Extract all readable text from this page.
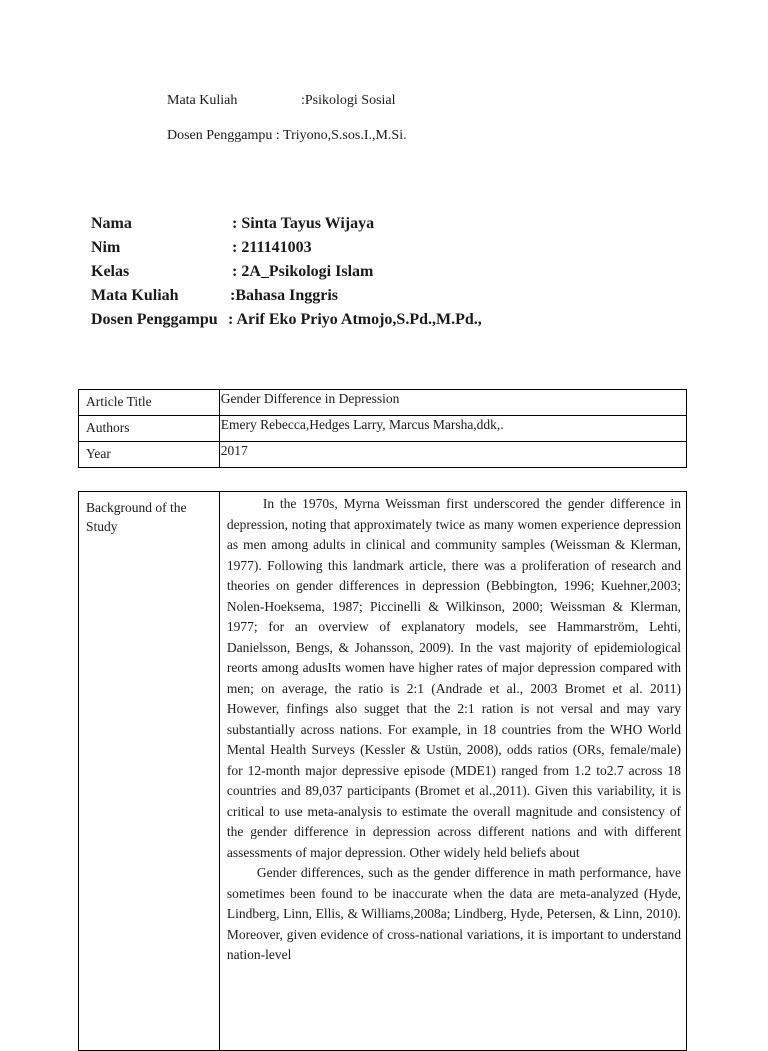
Mata Kuliah	:Psikologi Sosial
Dosen Penggampu : Triyono,S.sos.I.,M.Si.
Nama	: Sinta Tayus Wijaya
Nim	: 211141003
Kelas	: 2A_Psikologi Islam
Mata Kuliah	:Bahasa Inggris
Dosen Penggampu : Arif Eko Priyo Atmojo,S.Pd.,M.Pd.,
Article Title	Gender Difference in Depression
Authors	Emery Rebecca,Hedges Larry, Marcus Marsha,ddk,.
Year	2017
Background of the Study	

In the 1970s, Myrna Weissman first underscored the gender difference in depression, noting that approximately twice as many women experience depression as men among adults in clinical and community samples (Weissman & Klerman, 1977). Following this landmark article, there was a proliferation of research and theories on gender differences in depression (Bebbington, 1996; Kuehner,2003; Nolen-Hoeksema, 1987; Piccinelli & Wilkinson, 2000; Weissman & Klerman, 1977; for an overview of explanatory models, see Hammarström, Lehti, Danielsson, Bengs, & Johansson, 2009). In the vast majority of epidemiological reorts among adusIts women have higher rates of major depression compared with men; on average, the ratio is 2:1 (Andrade et al., 2003 Bromet et al. 2011) However, finfings also sugget that the 2:1 ration is not versal and may vary substantially across nations. For example, in 18 countries from the WHO World Mental Health Surveys (Kessler & Ustün, 2008), odds ratios (ORs, female/male) for 12-month major depressive episode (MDE1) ranged from 1.2 to2.7 across 18 countries and 89,037 participants (Bromet et al.,2011). Given this variability, it is critical to use meta-analysis to estimate the overall magnitude and consistency of the gender difference in depression across different nations and with different assessments of major depression. Other widely held beliefs about

Gender differences, such as the gender difference in math performance, have sometimes been found to be inaccurate when the data are meta-analyzed (Hyde, Lindberg, Linn, Ellis, & Williams,2008a; Lindberg, Hyde, Petersen, & Linn, 2010). Moreover, given evidence of cross-national variations, it is important to understand nation-level
